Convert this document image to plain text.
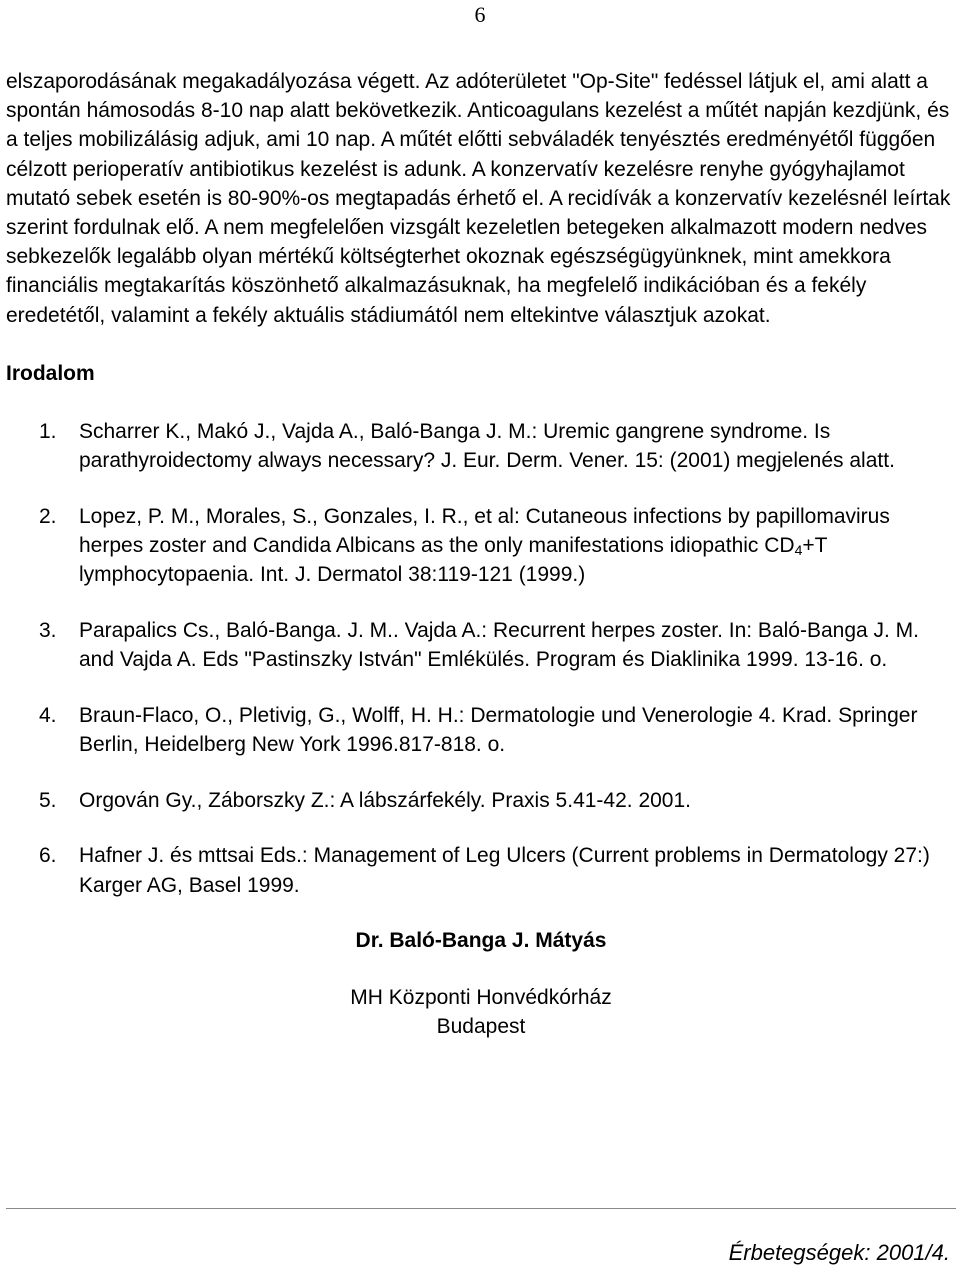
6

elszaporodásának megakadályozása végett. Az adóterületet "Op-Site" fedéssel látjuk el, ami alatt a spontán hámosodás 8-10 nap alatt bekövetkezik. Anticoagulans kezelést a műtét napján kezdjünk, és a teljes mobilizálásig adjuk, ami 10 nap. A műtét előtti sebváladék tenyésztés eredményétől függően célzott perioperatív antibiotikus kezelést is adunk. A konzervatív kezelésre renyhe gyógyhajlamot mutató sebek esetén is 80-90%-os megtapadás érhető el. A recidívák a konzervatív kezelésnél leírtak szerint fordulnak elő. A nem megfelelően vizsgált kezeletlen betegeken alkalmazott modern nedves sebkezelők legalább olyan mértékű költségterhet okoznak egészségügyünknek, mint amekkora financiális megtakarítás köszönhető alkalmazásuknak, ha megfelelő indikációban és a fekély eredetétől, valamint a fekély aktuális stádiumától nem eltekintve választjuk azokat.

Irodalom
1. Scharrer K., Makó J., Vajda A., Baló-Banga J. M.: Uremic gangrene syndrome. Is parathyroidectomy always necessary? J. Eur. Derm. Vener. 15: (2001) megjelenés alatt.
2. Lopez, P. M., Morales, S., Gonzales, I. R., et al: Cutaneous infections by papillomavirus herpes zoster and Candida Albicans as the only manifestations idiopathic $CD_4+T$ lymphocytopaenia. Int. J. Dermatol 38:119-121 (1999.)
3. Parapalics Cs., Baló-Banga. J. M.. Vajda A.: Recurrent herpes zoster. In: Baló-Banga J. M. and Vajda A. Eds "Pastinszky István" Emlékülés. Program és Diaklinika 1999. 13-16. o.
4. Braun-Flaco, O., Pletivig, G., Wolff, H. H.: Dermatologie und Venerologie 4. Krad. Springer Berlin, Heidelberg New York 1996.817-818. o.
5. Orgován Gy., Záborszky Z.: A lábszárfekély. Praxis 5.41-42. 2001.
6. Hafner J. és mttsai Eds.: Management of Leg Ulcers (Current problems in Dermatology 27:) Karger AG, Basel 1999.

Dr. Baló-Banga J. Mátyás

MH Központi Honvédkórház
Budapest

Érbetegségek: 2001/4.
